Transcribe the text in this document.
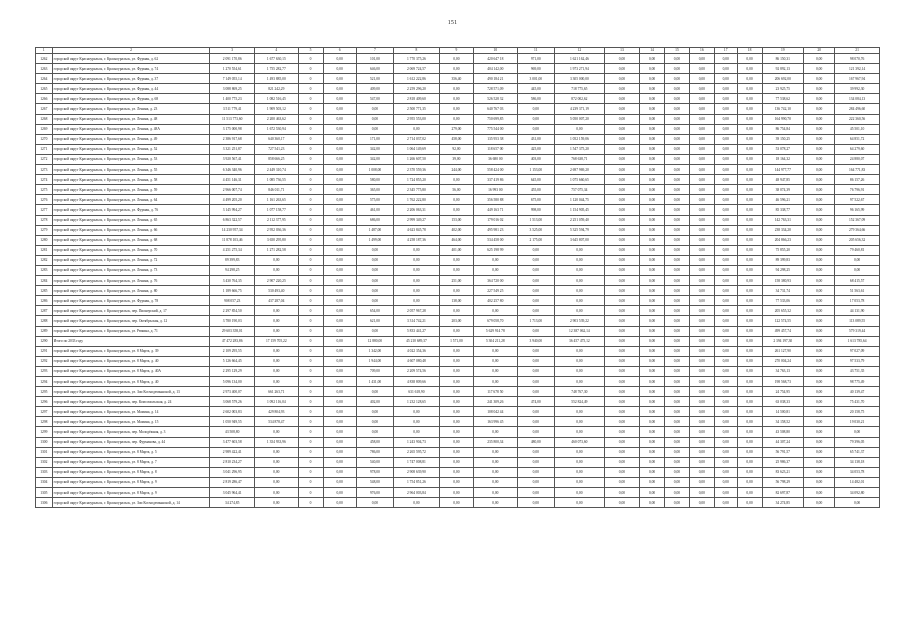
151
1	2	3	4	5	6	7	8	9	10	11	12	13	14	15	16	17	18	19	20	21
1262	городской округ Красноуральск, г. Красноуральск, ул. Фурман, д. 62	2 091 170,86	1 677 630,15	0	0,00	101,00	1 770 375,26	0,00	420 647 18	971,00	1 621 162,46	0,00	0,00	0,00	0,00	0,00	0,00	86 150,31	0,00	98 070,76
1263	городской округ Красноуральск, г. Красноуральск, ул. Фурман, д. 74	1 270 554,61	1 755 282,77	0	0,00	646,00	2 069 724,57	0,00	404 142,00	969,00	1 973 271,94	0,00	0,00	0,00	0,00	0,00	0,00	92 892,13	0,00	121 392,14
1264	городской округ Красноуральск, г. Красноуральск, ул. Фурман, д. 37	7 149 055,14	1 493 885,00	0	0,00	521,00	1 612 222,86	356,40	490 184 21	3 001,00	3 305 000,00	0,00	0,00	0,00	0,00	0,00	0,00	206 692,00	0,00	167 967,94
1265	городской округ Красноуральск, г. Красноуральск, ул. Фурман, д. 44	3 088 869,25	821 242,29	0	0,00	409,00	2 259 296,20	0,00	728 571,09	445,00	718 775,65	0,00	0,00	0,00	0,00	0,00	0,00	23 925,75	0,00	39 992,30
1266	городской округ Красноуральск, г. Красноуральск, ул. Фурман, д. 68	1 400 775,23	1 082 516,45	0	0,00	547,00	2 818 409,60	0,00	526 528 32	586,00	872 002,62	0,00	0,00	0,00	0,00	0,00	0,00	77 538,62	0,00	134 084,13
1267	городской округ Красноуральск, г. Красноуральск, ул. Ленина, д. 23	3 511 779,41	1 909 503,12	0	0,00	0,00	2 500 771,35	0,00	640 767 03	0,00	4 239 371,19	0,00	0,00	0,00	0,00	0,00	0,00	136 742,10	0,00	284 496,60
1268	городской округ Красноуральск, г. Красноуральск, ул. Ленина, д. 48	11 513 773,60	2 200 463,62	0	0,00	0,00	2 955 553,00	0,00	750 699,85	0,00	5 050 007,20	0,00	0,00	0,00	0,00	0,00	0,00	164 990,70	0,00	222 360,56
1269	городской округ Красноуральск, г. Красноуральск, ул. Ленина, д. 48А	3 175 000,98	1 672 530,94	0	0,00	0,00	0,00	279,00	775 544 00	0,00	0,00	0,00	0,00	0,00	0,00	0,00	0,00	86 754,84	0,00	45 501,10
1270	городской округ Красноуральск, г. Красноуральск, ул. Ленина, д. 49	2 386 917,68	640 360,17	0	0,00	171,00	2 714 037,02	458,00	135 953 38	431,00	1 052 159,06	0,00	0,00	0,00	0,00	0,00	0,00	39 150,25	0,00	64 851,72
1271	городской округ Красноуральск, г. Красноуральск, ул. Ленина, д. 52	3 321 251,87	727 541,23	0	0,00	342,00	1 064 149,69	92,00	118 657 00	425,00	1 547 375,20	0,00	0,00	0,00	0,00	0,00	0,00	53 078,27	0,00	64 279,60
1272	городской округ Красноуральск, г. Красноуральск, ул. Ленина, д. 53	3 920 567,41	858 666,25	0	0,00	342,00	1 266 607,50	39,00	36 680 00	403,00	768 638,71	0,00	0,00	0,00	0,00	0,00	0,00	18 164,32	0,00	24 880,07
1273	городской округ Красноуральск, г. Красноуральск, ул. Ленина, д. 55	6 346 340,96	2 449 310,74	0	0,00	1 008,00	2 370 559,36	244,00	558 424 00	1 153,00	2 697 969,20	0,00	0,00	0,00	0,00	0,00	0,00	144 977,77	0,00	164 771,83
1274	городской округ Красноуральск, г. Красноуральск, ул. Ленина, д. 58	4 451 146,31	1 085 736,55	0	0,00	580,00	1 724 855,20	0,00	337 419 86	645,00	1 075 660,65	0,00	0,00	0,00	0,00	0,00	0,00	48 947,85	0,00	86 157,26
1275	городской округ Красноуральск, г. Красноуральск, ул. Ленина, д. 59	2 966 007,74	846 011,71	0	0,00	365,00	2 345 775,80	56,00	16 993 00	455,00	757 075,34	0,00	0,00	0,00	0,00	0,00	0,00	38 074,39	0,00	76 796,91
1276	городской округ Красноуральск, г. Красноуральск, ул. Ленина, д. 64	4 499 205,20	1 161 263,65	0	0,00	575,00	1 762 222,80	0,00	356 580 88	675,00	1 120 044,75	0,00	0,00	0,00	0,00	0,00	0,00	46 596,21	0,00	97 522,67
1277	городской округ Красноуральск, г. Красноуральск, ул. Фурман, д. 76	3 145 994,27	1 077 158,77	0	0,00	461,00	2 206 063,31	0,00	449 163 71	998,00	1 154 905,45	0,00	0,00	0,00	0,00	0,00	0,00	85 338,77	0,00	96 165,99
1278	городской округ Красноуральск, г. Красноуральск, ул. Ленина, д. 65	6 863 322,57	2 112 377,95	0	0,00	686,00	2 999 349,27	153,00	179 016 02	1 513,00	2 251 059,40	0,00	0,00	0,00	0,00	0,00	0,00	142 763,31	0,00	152 367,09
1279	городской округ Красноуральск, г. Красноуральск, ул. Ленина, д. 66	14 230 957,34	2 952 036,36	0	0,00	1 487,00	4 623 845,78	402,00	495 981 23	3 525,00	5 325 594,79	0,00	0,00	0,00	0,00	0,00	0,00	238 334,20	0,00	279 364,66
1280	городской округ Красноуральск, г. Красноуральск, ул. Ленина, д. 68	11 878 103,46	3 650 295,80	0	0,00	1 499,00	4 258 187,36	464,00	534 458 00	2 175,00	3 645 807,00	0,00	0,00	0,00	0,00	0,00	0,00	204 866,23	0,00	205 656,32
1281	городской округ Красноуральск, г. Красноуральск, ул. Ленина, д. 70	4 251 275,34	1 271 282,58	0	0,00	0,00	0,00	401,00	625 198 99	0,00	0,00	0,00	0,00	0,00	0,00	0,00	0,00	75 855,20	0,00	79 460,81
1282	городской округ Красноуральск, г. Красноуральск, ул. Ленина, д. 72	89 399,83	0,00	0	0,00	0,00	0,00	0,00	0,00	0,00	0,00	0,00	0,00	0,00	0,00	0,00	0,00	89 399,83	0,00	0,00
1283	городской округ Красноуральск, г. Красноуральск, ул. Ленина, д. 73	94 298,25	0,00	0	0,00	0,00	0,00	0,00	0,00	0,00	0,00	0,00	0,00	0,00	0,00	0,00	0,00	94 298,25	0,00	0,00
1284	городской округ Красноуральск, г. Красноуральск, ул. Ленина, д. 76	3 430 764,35	2 907 220,25	0	0,00	0,00	0,00	251,00	364 720 00	0,00	0,00	0,00	0,00	0,00	0,00	0,00	0,00	158 380,93	0,00	68 415,57
1285	городской округ Красноуральск, г. Красноуральск, ул. Ленина, д. 80	1 189 666,75	530 493,40	0	0,00	0,00	0,00	0,00	227 549 25	0,00	0,00	0,00	0,00	0,00	0,00	0,00	0,00	34 731,74	0,00	51 563,61
1286	городской округ Красноуральск, г. Красноуральск, ул. Фурман, д. 78	908 057,23	437 287,04	0	0,00	0,00	0,00	138,00	402 257 80	0,00	0,00	0,00	0,00	0,00	0,00	0,00	0,00	77 533,06	0,00	17 053,78
1287	городской округ Красноуральск, г. Красноуральск, пер. Пионерский, д. 17	2 297 854,50	0,00	0	0,00	654,00	2 057 967,28	0,00	0,00	0,00	0,00	0,00	0,00	0,00	0,00	0,00	0,00	205 655,32	0,00	44 131,90
1288	городской округ Красноуральск, г. Красноуральск, пер. Октябрьская, д. 12	3 780 190,03	0,00	0	0,00	621,00	3 314 742,21	203,00	679 058,70	1 713,00	2 903 539,22	0,00	0,00	0,00	0,00	0,00	0,00	122 574,55	0,00	113 089,55
1289	городской округ Красноуральск, г. Красноуральск, ул. Рюкина, д. 71	29 603 358,01	0,00	0	0,00	0,00	5 833 441,27	0,00	5 629 914 78	0,00	12 387 062,14	0,00	0,00	0,00	0,00	0,00	0,00	499 457,74	0,00	579 319,44
1290	Итого по 2033 году	47 472 283,86	17 159 705,22	0	0,00	12 880,00	45 210 689,37	1 571,00	5 304 211,28	3 940,00	36 457 475,12	0,00	0,00	0,00	0,00	0,00	0,00	2 394 197,30	0,00	1 613 785,64
1291	городской округ Красноуральск, г. Красноуральск, ул. 8 Марта, д. 39	2 109 295,55	0,00	0	0,00	1 342,00	4 022 354,36	0,00	0,00	0,00	0,00	0,00	0,00	0,00	0,00	0,00	0,00	261 127,90	0,00	97 027,09
1292	городской округ Красноуральск, г. Красноуральск, ул. 8 Марта, д. 40	5 126 664,45	0,00	0	0,00	1 944,00	4 607 080,48	0,00	0,00	0,00	0,00	0,00	0,00	0,00	0,00	0,00	0,00	270 004,24	0,00	97 533,79
1293	городской округ Красноуральск, г. Красноуральск, ул. 8 Марта, д. 40А	2 295 129,29	0,00	0	0,00	709,00	2 209 574,56	0,00	0,00	0,00	0,00	0,00	0,00	0,00	0,00	0,00	0,00	34 763,13	0,00	43 751,35
1294	городской округ Красноуральск, г. Красноуральск, ул. 8 Марта, д. 40	5 096 134,00	0,00	0	0,00	1 431,00	4 838 809,66	0,00	0,00	0,00	0,00	0,00	0,00	0,00	0,00	0,00	0,00	198 568,73	0,00	98 775,49
1295	городской округ Красноуральск, г. Красноуральск, ул. Зои Космодемьянской, д. 13	2 973 400,07	661 263,71	0	0,00	0,00	631 618,90	0,00	117 678 50	0,00	748 767,30	0,00	0,00	0,00	0,00	0,00	0,00	24 754,95	0,00	40 139,47
1296	городской округ Красноуральск, г. Красноуральск, пер. Комсомольская, д. 24	3 068 579,26	1 092 116,04	0	0,00	402,00	1 232 128,65	0,00	241 309,26	474,00	552 824,49	0,00	0,00	0,00	0,00	0,00	0,00	63 038,33	0,00	75 431,70
1297	городской округ Красноуральск, г. Красноуральск, ул. Мамина, д. 14	2 602 003,83	429 804,93	0	0,00	0,00	0,00	0,00	108 042 44	0,00	0,00	0,00	0,00	0,00	0,00	0,00	0,00	14 500,81	0,00	20 158,75
1298	городской округ Красноуральск, г. Красноуральск, ул. Мамина, д. 15	1 050 949,55	534 878,47	0	0,00	0,00	0,00	0,00	163 996 45	0,00	0,00	0,00	0,00	0,00	0,00	0,00	0,00	34 158,52	0,00	19 030,21
1299	городской округ Красноуральск, г. Красноуральск, пер. Молодёжная, д. 3	43 508,80	0,00	0	0,00	0,00	0,00	0,00	0,00	0,00	0,00	0,00	0,00	0,00	0,00	0,00	0,00	43 508,80	0,00	0,00
1300	городской округ Красноуральск, г. Красноуральск, пер. Фурманова, д. 44	3 477 603,58	1 354 933,96	0	0,00	458,00	1 243 904,73	0,00	235 800,34	480,00	460 073,60	0,00	0,00	0,00	0,00	0,00	0,00	44 307,24	0,00	79 396,05
1301	городской округ Красноуральск, г. Красноуральск, ул. 8 Марта, д. 5	2 989 422,41	0,00	0	0,00	786,00	2 265 595,72	0,00	0,00	0,00	0,00	0,00	0,00	0,00	0,00	0,00	0,00	56 791,57	0,00	65 741,37
1302	городской округ Красноуральск, г. Красноуральск, ул. 8 Марта, д. 7	2 810 234,27	0,00	0	0,00	540,00	1 747 008,81	0,00	0,00	0,00	0,00	0,00	0,00	0,00	0,00	0,00	0,00	25 986,37	0,00	34 138,18
1303	городской округ Красноуральск, г. Красноуральск, ул. 8 Марта, д. 8	3 041 296,95	0,00	0	0,00	978,00	2 908 639,90	0,00	0,00	0,00	0,00	0,00	0,00	0,00	0,00	0,00	0,00	83 623,21	0,00	34 053,78
1304	городской округ Красноуральск, г. Красноуральск, ул. 8 Марта, д. 9	2 819 286,47	0,00	0	0,00	548,00	1 754 851,26	0,00	0,00	0,00	0,00	0,00	0,00	0,00	0,00	0,00	0,00	56 798,29	0,00	14 482,01
1305	городской округ Красноуральск, г. Красноуральск, ул. 8 Марта, д. 9	3 045 964,41	0,00	0	0,00	976,00	2 964 003,84	0,00	0,00	0,00	0,00	0,00	0,00	0,00	0,00	0,00	0,00	82 697,87	0,00	34 092,80
1306	городской округ Красноуральск, г. Красноуральск, ул. Зои Космодемьянской, д. 14	34 274,85	0,00	0	0,00	0,00	0,00	0,00	0,00	0,00	0,00	0,00	0,00	0,00	0,00	0,00	0,00	34 274,85	0,00	0,00
